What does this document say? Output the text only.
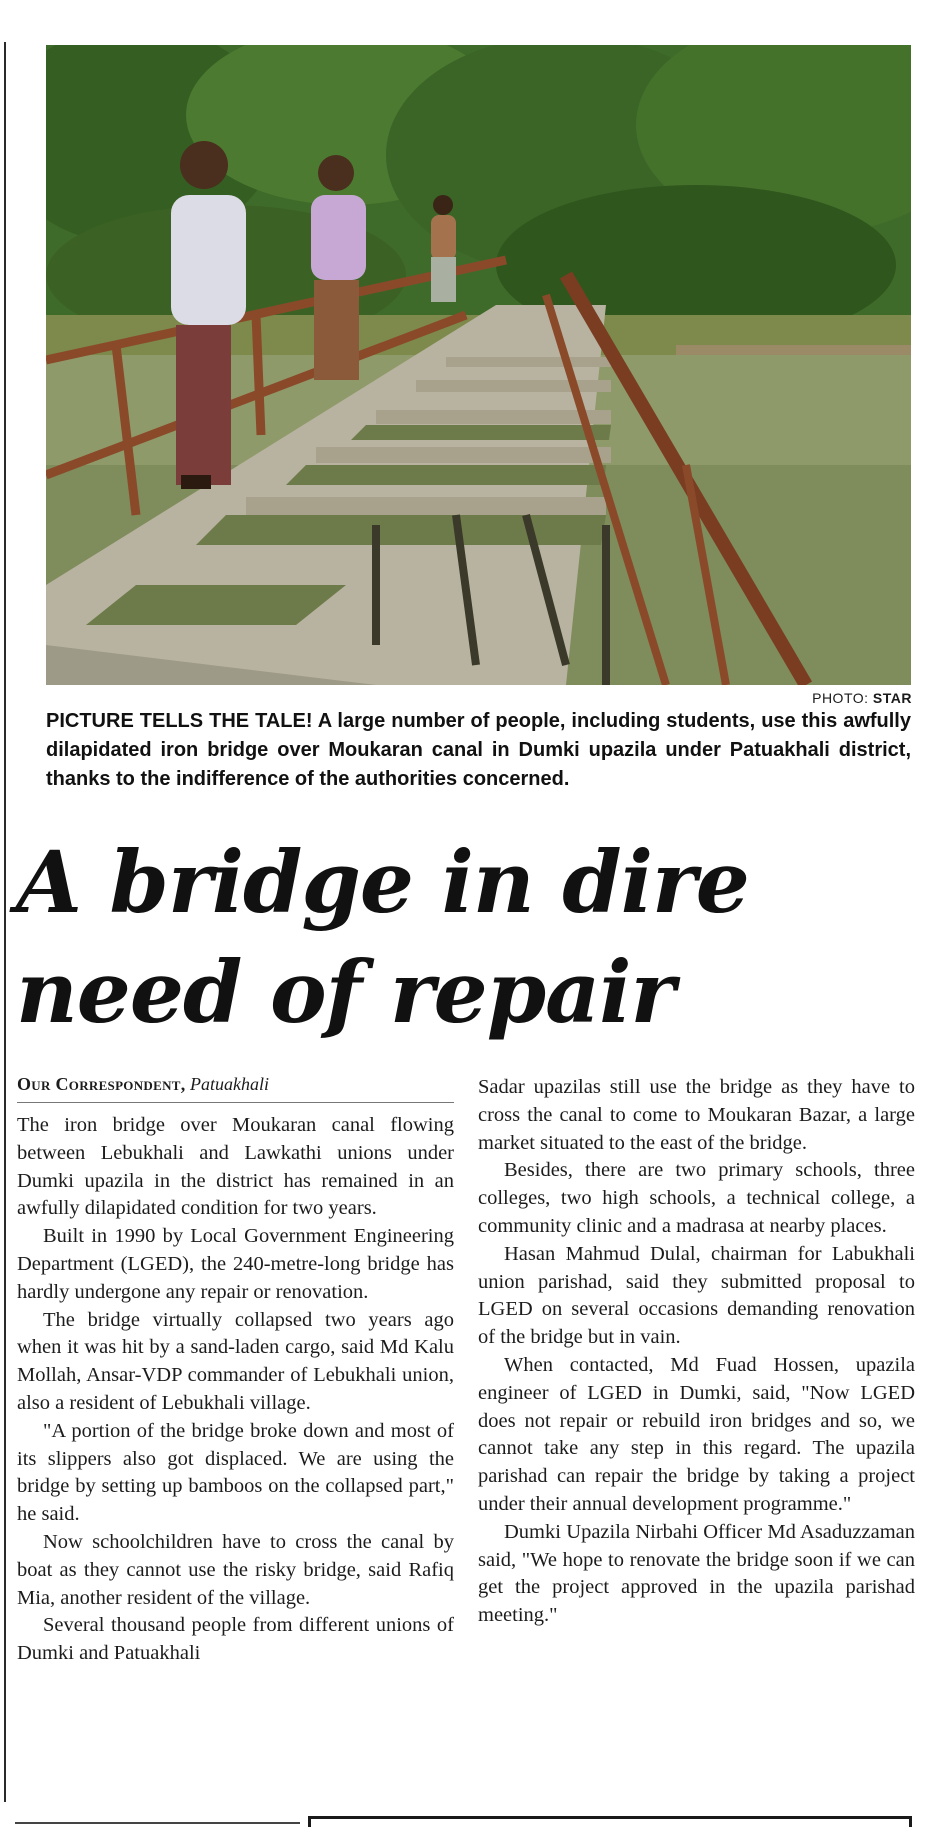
PHOTO: STAR
PICTURE TELLS THE TALE! A large number of people, including students, use this awfully dilapidated iron bridge over Moukaran canal in Dumki upazila under Patuakhali district, thanks to the indifference of the authorities concerned.
A bridge in dire
need of repair
Our Correspondent, Patuakhali

The iron bridge over Moukaran canal flowing between Lebukhali and Lawkathi unions under Dumki upazila in the district has remained in an awfully dilapidated condition for two years.

Built in 1990 by Local Government Engineering Department (LGED), the 240-metre-long bridge has hardly undergone any repair or renovation.

The bridge virtually collapsed two years ago when it was hit by a sand-laden cargo, said Md Kalu Mollah, Ansar-VDP commander of Lebukhali union, also a resident of Lebukhali village.

"A portion of the bridge broke down and most of its slippers also got displaced. We are using the bridge by setting up bamboos on the collapsed part," he said.

Now schoolchildren have to cross the canal by boat as they cannot use the risky bridge, said Rafiq Mia, another resident of the village.

Several thousand people from different unions of Dumki and Patuakhali

Sadar upazilas still use the bridge as they have to cross the canal to come to Moukaran Bazar, a large market situated to the east of the bridge.

Besides, there are two primary schools, three colleges, two high schools, a technical college, a community clinic and a madrasa at nearby places.

Hasan Mahmud Dulal, chairman for Labukhali union parishad, said they submitted proposal to LGED on several occasions demanding renovation of the bridge but in vain.

When contacted, Md Fuad Hossen, upazila engineer of LGED in Dumki, said, "Now LGED does not repair or rebuild iron bridges and so, we cannot take any step in this regard. The upazila parishad can repair the bridge by taking a project under their annual development programme."

Dumki Upazila Nirbahi Officer Md Asaduzzaman said, "We hope to renovate the bridge soon if we can get the project approved in the upazila parishad meeting."
